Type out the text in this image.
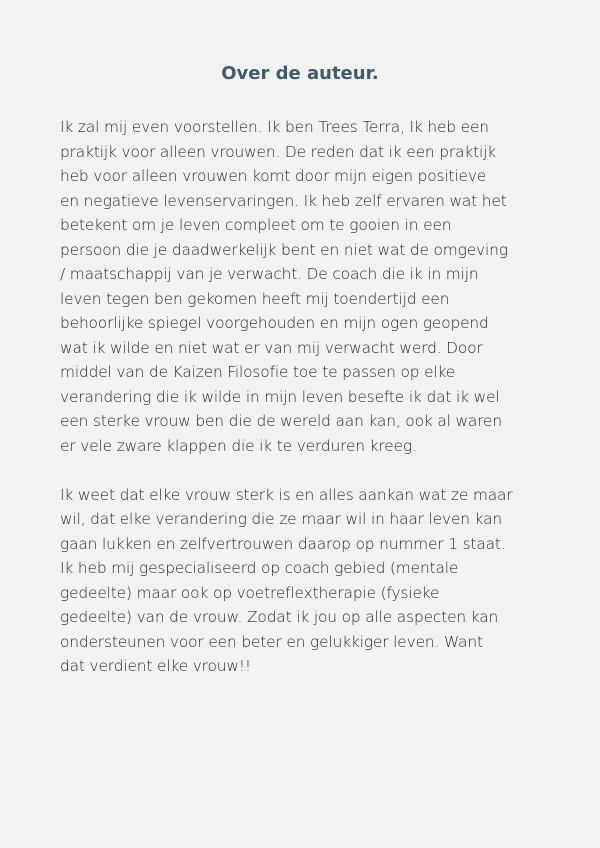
Over de auteur.

Ik zal mij even voorstellen. Ik ben Trees Terra, Ik heb een
praktijk voor alleen vrouwen. De reden dat ik een praktijk
heb voor alleen vrouwen komt door mijn eigen positieve
en negatieve levenservaringen. Ik heb zelf ervaren wat het
betekent om je leven compleet om te gooien in een
persoon die je daadwerkelijk bent en niet wat de omgeving
/ maatschappij van je verwacht. De coach die ik in mijn
leven tegen ben gekomen heeft mij toendertijd een
behoorlijke spiegel voorgehouden en mijn ogen geopend
wat ik wilde en niet wat er van mij verwacht werd. Door
middel van de Kaizen Filosofie toe te passen op elke
verandering die ik wilde in mijn leven besefte ik dat ik wel
een sterke vrouw ben die de wereld aan kan, ook al waren
er vele zware klappen die ik te verduren kreeg.

Ik weet dat elke vrouw sterk is en alles aankan wat ze maar
wil, dat elke verandering die ze maar wil in haar leven kan
gaan lukken en zelfvertrouwen daarop op nummer 1 staat.
Ik heb mij gespecialiseerd op coach gebied (mentale
gedeelte) maar ook op voetreflextherapie (fysieke
gedeelte) van de vrouw. Zodat ik jou op alle aspecten kan
ondersteunen voor een beter en gelukkiger leven. Want
dat verdient elke vrouw!!
